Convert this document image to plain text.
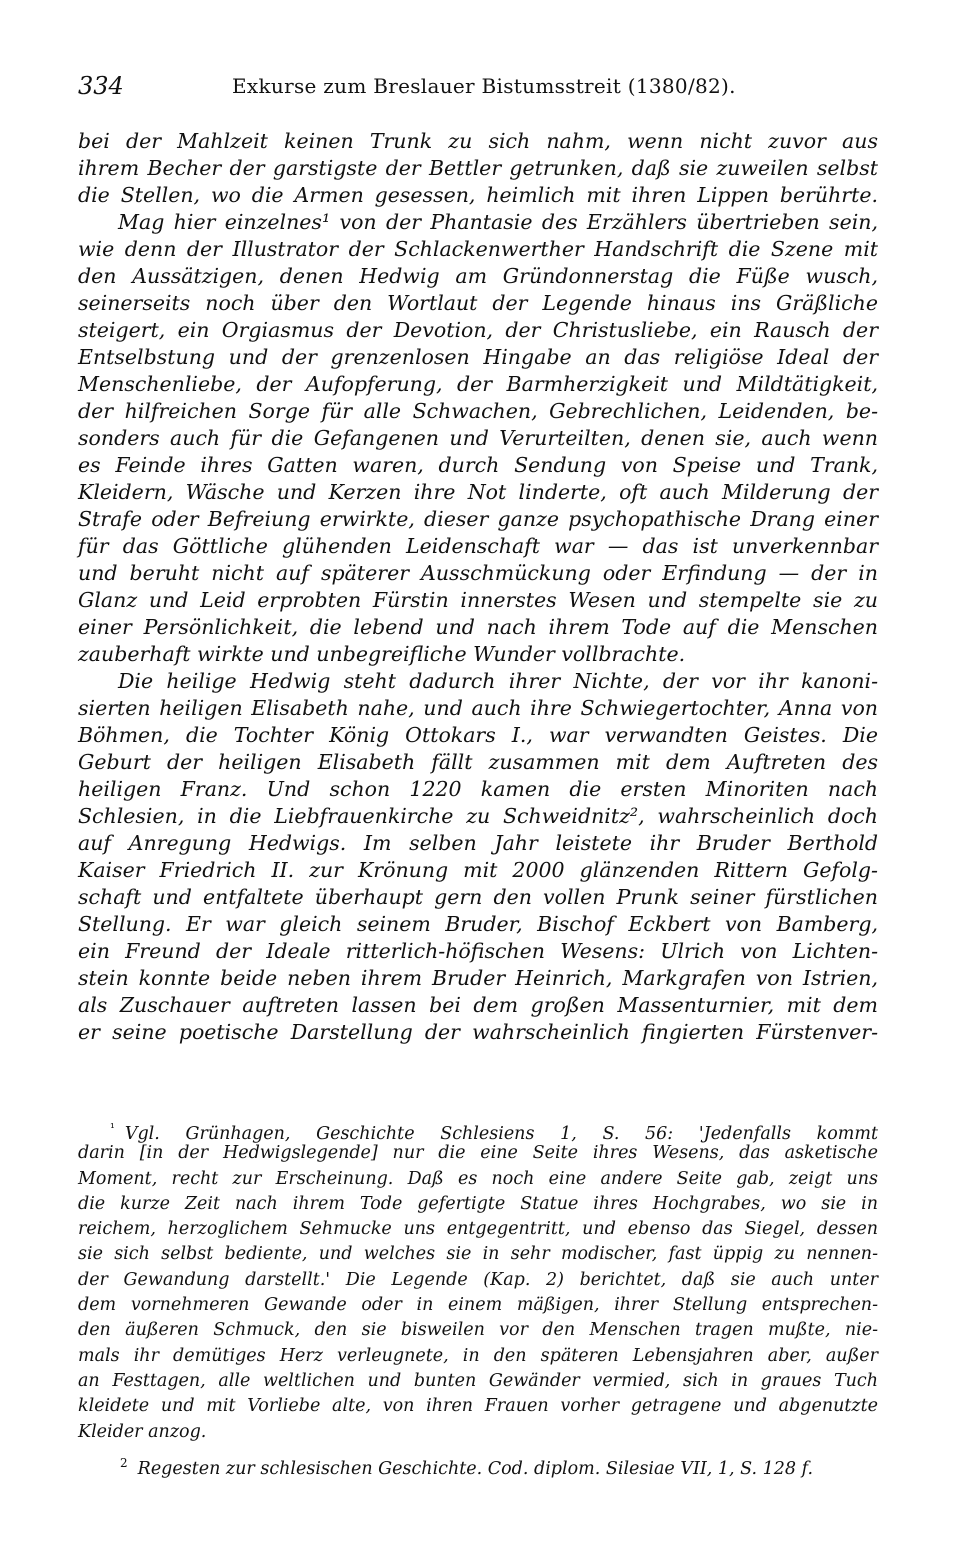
334	Exkurse zum Breslauer Bistumsstreit (1380/82).
bei der Mahlzeit keinen Trunk zu sich nahm, wenn nicht zuvor aus
ihrem Becher der garstigste der Bettler getrunken, daß sie zuweilen selbst
die Stellen, wo die Armen gesessen, heimlich mit ihren Lippen berührte.
Mag hier einzelnes¹ von der Phantasie des Erzählers übertrieben sein,
wie denn der Illustrator der Schlackenwerther Handschrift die Szene mit
den Aussätzigen, denen Hedwig am Gründonnerstag die Füße wusch,
seinerseits noch über den Wortlaut der Legende hinaus ins Gräßliche
steigert, ein Orgiasmus der Devotion, der Christusliebe, ein Rausch der
Entselbstung und der grenzenlosen Hingabe an das religiöse Ideal der
Menschenliebe, der Aufopferung, der Barmherzigkeit und Mildtätigkeit,
der hilfreichen Sorge für alle Schwachen, Gebrechlichen, Leidenden, be-
sonders auch für die Gefangenen und Verurteilten, denen sie, auch wenn
es Feinde ihres Gatten waren, durch Sendung von Speise und Trank,
Kleidern, Wäsche und Kerzen ihre Not linderte, oft auch Milderung der
Strafe oder Befreiung erwirkte, dieser ganze psychopathische Drang einer
für das Göttliche glühenden Leidenschaft war — das ist unverkennbar
und beruht nicht auf späterer Ausschmückung oder Erfindung — der in
Glanz und Leid erprobten Fürstin innerstes Wesen und stempelte sie zu
einer Persönlichkeit, die lebend und nach ihrem Tode auf die Menschen
zauberhaft wirkte und unbegreifliche Wunder vollbrachte.
Die heilige Hedwig steht dadurch ihrer Nichte, der vor ihr kanoni-
sierten heiligen Elisabeth nahe, und auch ihre Schwiegertochter, Anna von
Böhmen, die Tochter König Ottokars I., war verwandten Geistes. Die
Geburt der heiligen Elisabeth fällt zusammen mit dem Auftreten des
heiligen Franz. Und schon 1220 kamen die ersten Minoriten nach
Schlesien, in die Liebfrauenkirche zu Schweidnitz², wahrscheinlich doch
auf Anregung Hedwigs. Im selben Jahr leistete ihr Bruder Berthold
Kaiser Friedrich II. zur Krönung mit 2000 glänzenden Rittern Gefolg-
schaft und entfaltete überhaupt gern den vollen Prunk seiner fürstlichen
Stellung. Er war gleich seinem Bruder, Bischof Eckbert von Bamberg,
ein Freund der Ideale ritterlich-höfischen Wesens: Ulrich von Lichten-
stein konnte beide neben ihrem Bruder Heinrich, Markgrafen von Istrien,
als Zuschauer auftreten lassen bei dem großen Massenturnier, mit dem
er seine poetische Darstellung der wahrscheinlich fingierten Fürstenver-
$^{^1}$ Vgl. Grünhagen, Geschichte Schlesiens 1, S. 56: 'Jedenfalls kommt
darin [in der Hedwigslegende] nur die eine Seite ihres Wesens, das asketische
Moment, recht zur Erscheinung. Daß es noch eine andere Seite gab, zeigt uns
die kurze Zeit nach ihrem Tode gefertigte Statue ihres Hochgrabes, wo sie in
reichem, herzoglichem Sehmucke uns entgegentritt, und ebenso das Siegel, dessen
sie sich selbst bediente, und welches sie in sehr modischer, fast üppig zu nennen-
der Gewandung darstellt.' Die Legende (Kap. 2) berichtet, daß sie auch unter
dem vornehmeren Gewande oder in einem mäßigen, ihrer Stellung entsprechen-
den äußeren Schmuck, den sie bisweilen vor den Menschen tragen mußte, nie-
mals ihr demütiges Herz verleugnete, in den späteren Lebensjahren aber, außer
an Festtagen, alle weltlichen und bunten Gewänder vermied, sich in graues Tuch
kleidete und mit Vorliebe alte, von ihren Frauen vorher getragene und abgenutzte
Kleider anzog.
$^2$ Regesten zur schlesischen Geschichte. Cod. diplom. Silesiae VII, 1, S. 128 f.
